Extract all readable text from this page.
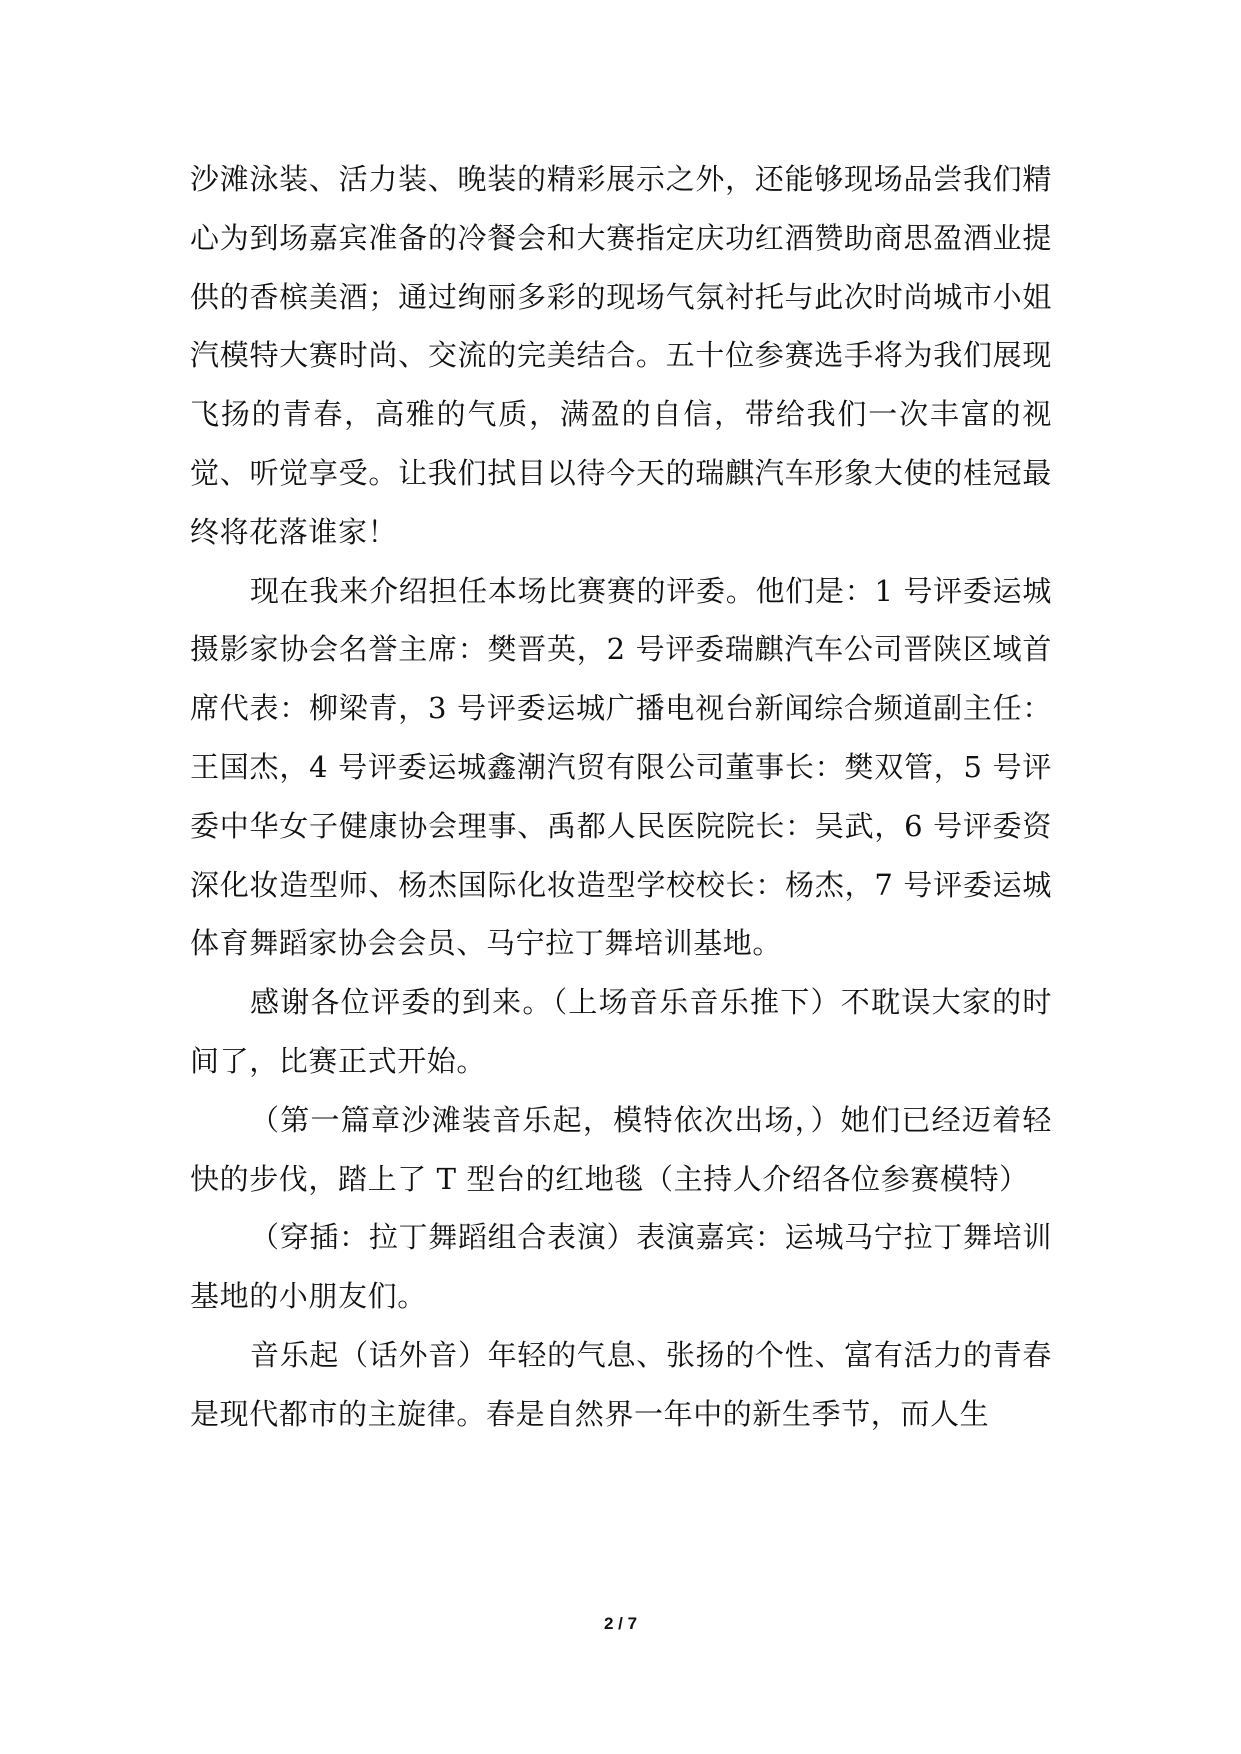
沙滩泳装、活力装、晚装的精彩展示之外，还能够现场品尝我们精心为到场嘉宾准备的冷餐会和大赛指定庆功红酒赞助商思盈酒业提供的香槟美酒；通过绚丽多彩的现场气氛衬托与此次时尚城市小姐汽模特大赛时尚、交流的完美结合。五十位参赛选手将为我们展现飞扬的青春，高雅的气质，满盈的自信，带给我们一次丰富的视觉、听觉享受。让我们拭目以待今天的瑞麒汽车形象大使的桂冠最终将花落谁家！

现在我来介绍担任本场比赛赛的评委。他们是：1 号评委运城摄影家协会名誉主席：樊晋英，2 号评委瑞麒汽车公司晋陕区域首席代表：柳梁青，3 号评委运城广播电视台新闻综合频道副主任：王国杰，4 号评委运城鑫潮汽贸有限公司董事长：樊双管，5 号评委中华女子健康协会理事、禹都人民医院院长：吴武，6 号评委资深化妆造型师、杨杰国际化妆造型学校校长：杨杰，7 号评委运城体育舞蹈家协会会员、马宁拉丁舞培训基地。

感谢各位评委的到来。（上场音乐音乐推下）不耽误大家的时间了，比赛正式开始。

（第一篇章沙滩装音乐起，模特依次出场，）她们已经迈着轻快的步伐，踏上了 T 型台的红地毯（主持人介绍各位参赛模特）

（穿插：拉丁舞蹈组合表演）表演嘉宾：运城马宁拉丁舞培训基地的小朋友们。

音乐起（话外音）年轻的气息、张扬的个性、富有活力的青春是现代都市的主旋律。春是自然界一年中的新生季节，而人生

2 / 7
